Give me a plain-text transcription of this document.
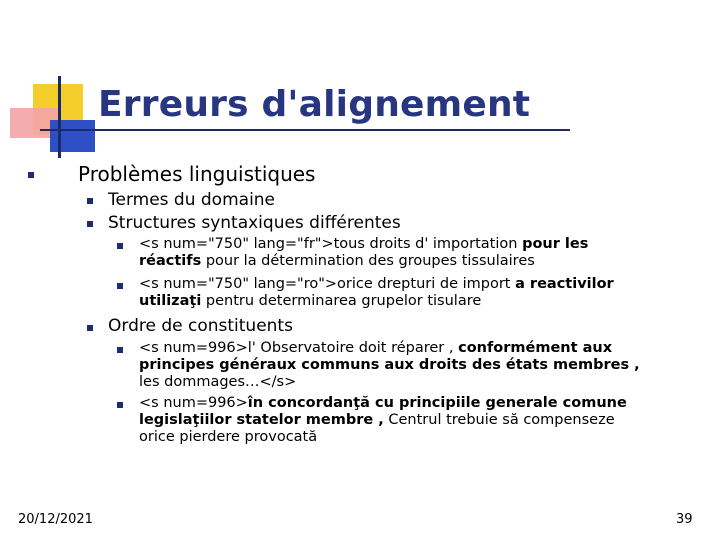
Erreurs d'alignement
Problèmes linguistiques
Termes du domaine
Structures syntaxiques différentes
<s num="750" lang="fr">tous droits d' importation pour les
réactifs pour la détermination des groupes tissulaires
<s num="750" lang="ro">orice drepturi de import a reactivilor
utilizaţi pentru determinarea grupelor tisulare
Ordre de constituents
<s num=996>l' Observatoire doit réparer , conformément aux
principes généraux communs aux droits des états membres ,
les dommages…</s>
<s num=996>în concordanţă cu principiile generale comune
legislaţiilor statelor membre , Centrul trebuie să compenseze
orice pierdere provocată
20/12/2021	39
